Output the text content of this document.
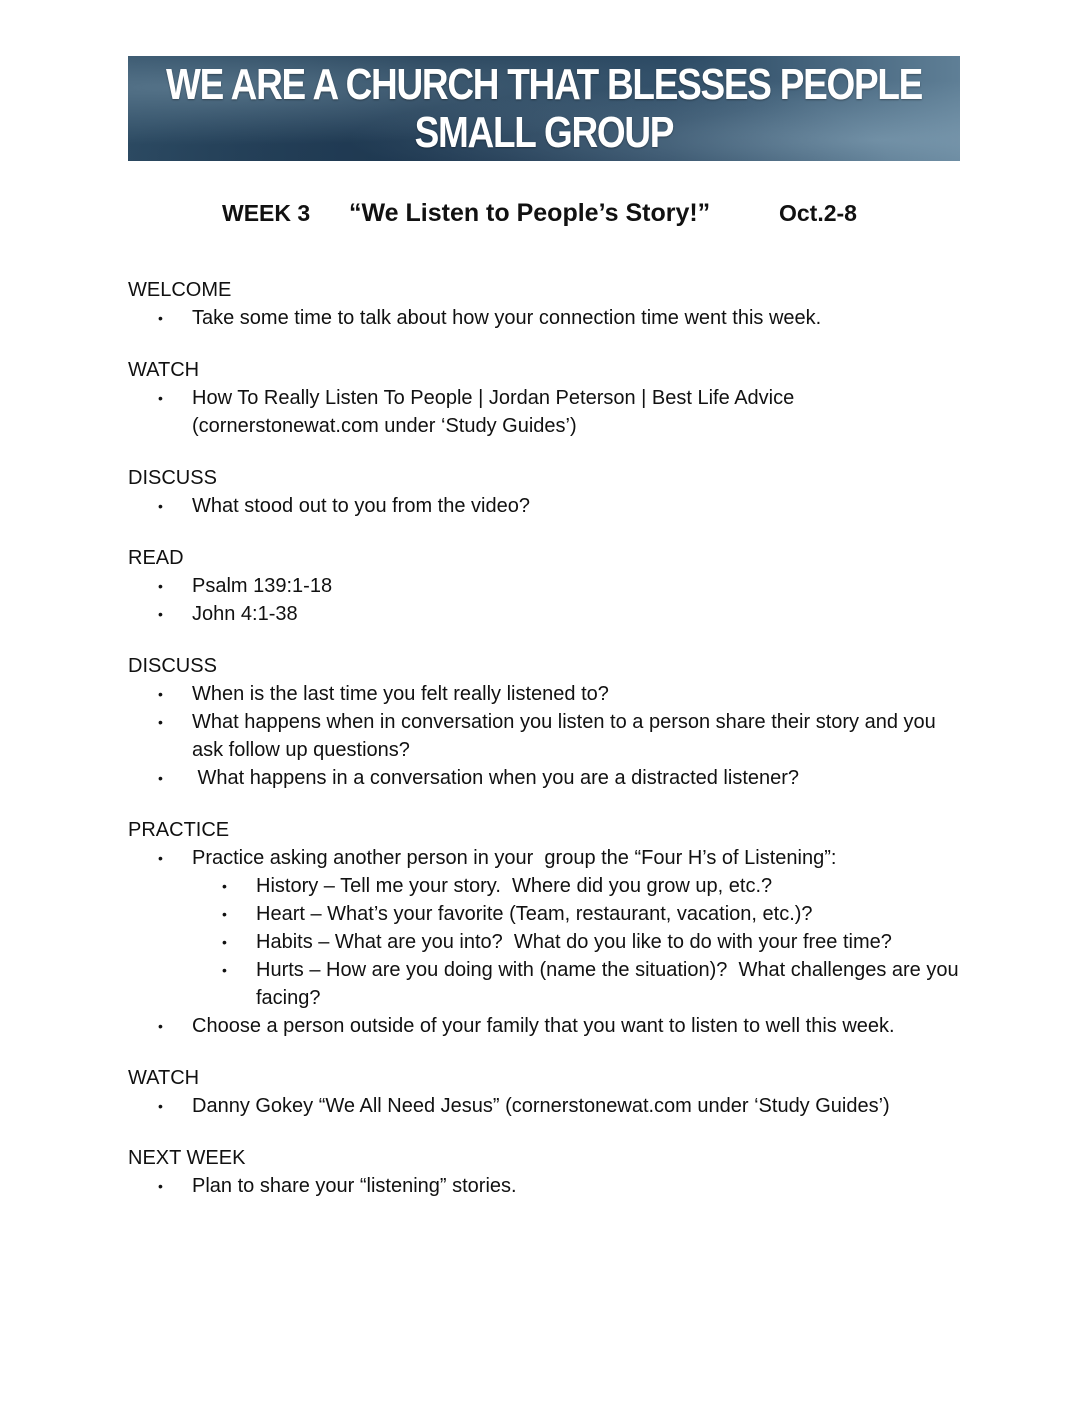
WE ARE A CHURCH THAT BLESSES PEOPLE
SMALL GROUP
WEEK 3 “We Listen to People’s Story!”	Oct.2-8
WELCOME
• Take some time to talk about how your connection time went this week.
WATCH
• How To Really Listen To People | Jordan Peterson | Best Life Advice
(cornerstonewat.com under ‘Study Guides’)
DISCUSS
• What stood out to you from the video?
READ
• Psalm 139:1-18
• John 4:1-38
DISCUSS
• When is the last time you felt really listened to?
• What happens when in conversation you listen to a person share their story and you ask follow up questions?
• What happens in a conversation when you are a distracted listener?
PRACTICE
• Practice asking another person in your  group the “Four H’s of Listening”:
• History – Tell me your story.  Where did you grow up, etc.?
• Heart – What’s your favorite (Team, restaurant, vacation, etc.)?
• Habits – What are you into?  What do you like to do with your free time?
• Hurts – How are you doing with (name the situation)?  What challenges are you facing?
• Choose a person outside of your family that you want to listen to well this week.
WATCH
• Danny Gokey “We All Need Jesus” (cornerstonewat.com under ‘Study Guides’)
NEXT WEEK
• Plan to share your “listening” stories.
